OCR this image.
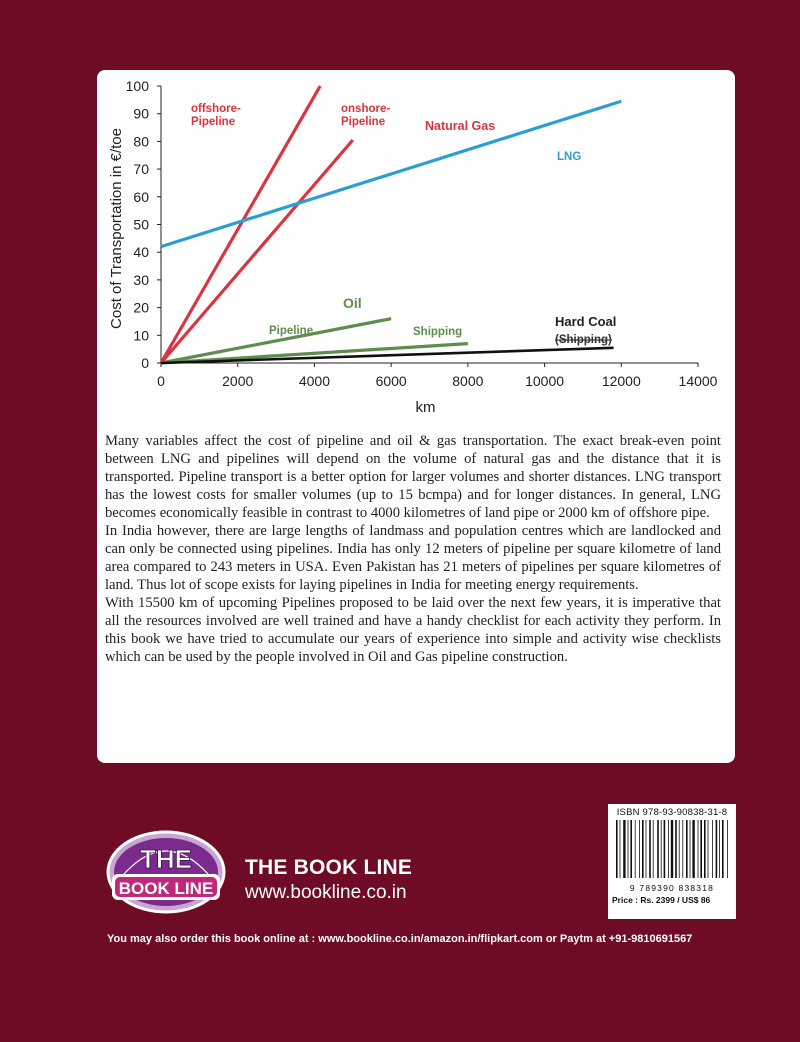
0
10
20
30
40
50
60
70
80
90
100
0	2000	4000	6000	8000	10000	12000	14000
km
Cost of Transportation in €/toe
offshore-
Pipeline
onshore-
Pipeline
LNG
Pipeline	Shipping
(Shipping)
Natural Gas
Oil
Hard Coal

Many variables affect the cost of pipeline and oil & gas transportation. The exact break-even point between LNG and pipelines will depend on the volume of natural gas and the distance that it is transported. Pipeline transport is a better option for larger volumes and shorter distances. LNG transport has the lowest costs for smaller volumes (up to 15 bcmpa) and for longer distances. In general, LNG becomes economically feasible in contrast to 4000 kilometres of land pipe or 2000 km of offshore pipe.

In India however, there are large lengths of landmass and population centres which are landlocked and can only be connected using pipelines. India has only 12 meters of pipeline per square kilometre of land area compared to 243 meters in USA. Even Pakistan has 21 meters of pipelines per square kilometres of land. Thus lot of scope exists for laying pipelines in India for meeting energy requirements.

With 15500 km of upcoming Pipelines proposed to be laid over the next few years, it is imperative that all the resources involved are well trained and have a handy checklist for each activity they perform. In this book we have tried to accumulate our years of experience into simple and activity wise checklists which can be used by the people involved in Oil and Gas pipeline construction.

THE
BOOK LINE
THE BOOK LINE
www.bookline.co.in
ISBN 978-93-90838-31-8
9 789390 838318
Price : Rs. 2399 / US$ 86
You may also order this book online at : www.bookline.co.in/amazon.in/flipkart.com or Paytm at +91-9810691567
